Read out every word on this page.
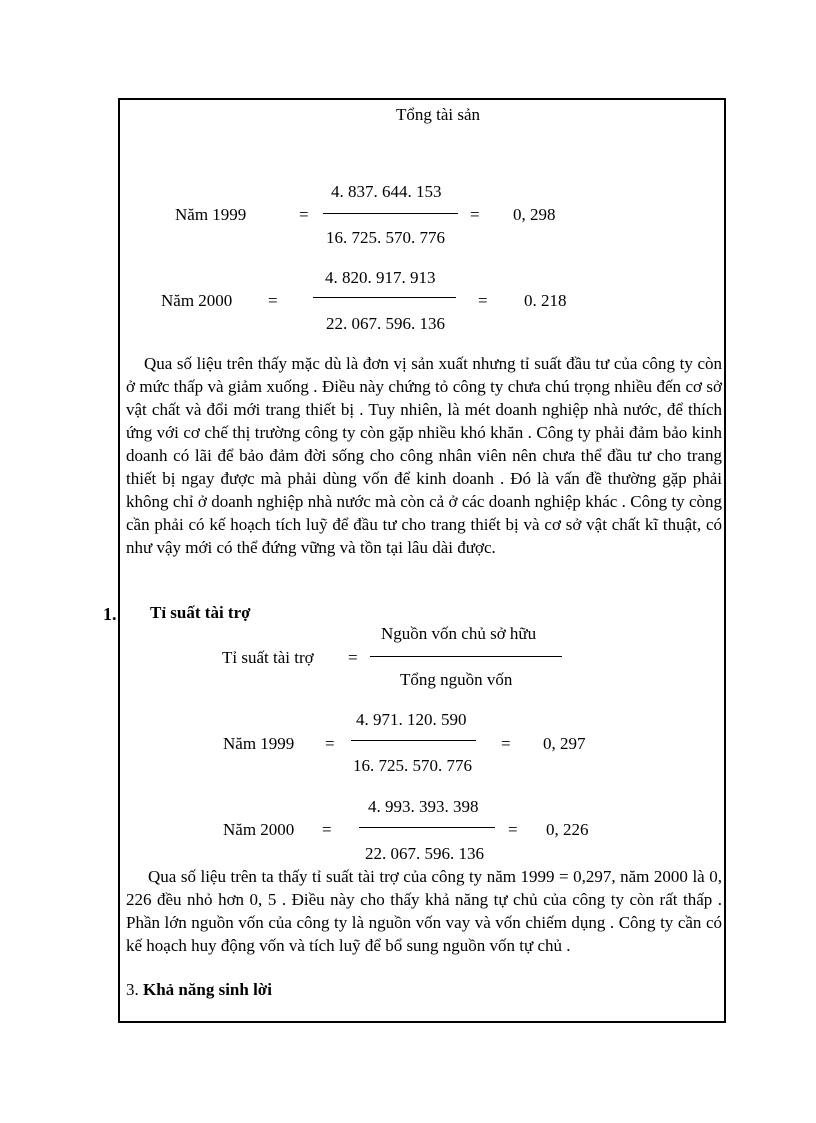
Tổng tài sản
Năm 1999	=
4. 837. 644. 153
16. 725. 570. 776
= 0, 298
Năm 2000 =
4. 820. 917. 913
22. 067. 596. 136
= 0. 218

Qua số liệu trên thấy mặc dù là đơn vị sản xuất nhưng tỉ suất đầu tư của công ty còn ở mức thấp và giảm xuống . Điều này chứng tỏ công ty chưa chú trọng nhiều đến cơ sở vật chất và đổi mới trang thiết bị . Tuy nhiên, là mét doanh nghiệp nhà nước, để thích ứng với cơ chế thị trường công ty còn gặp nhiều khó khăn . Công ty phải đảm bảo kinh doanh có lãi để bảo đảm đời sống cho công nhân viên nên chưa thể đầu tư cho trang thiết bị ngay được mà phải dùng vốn để kinh doanh . Đó là vấn đề thường gặp phải không chỉ ở doanh nghiệp nhà nước mà còn cả ở các doanh nghiệp khác . Công ty còng cần phải có kế hoạch tích luỹ để đầu tư cho trang thiết bị và cơ sở vật chất kĩ thuật, có như vậy mới có thể đứng vững và tồn tại lâu dài được.

1. Tỉ suất tài trợ
Tỉ suất tài trợ =
Nguồn vốn chủ sở hữu
Tổng nguồn vốn
Năm 1999 =
4. 971. 120. 590
16. 725. 570. 776
= 0, 297
Năm 2000 =
4. 993. 393. 398
22. 067. 596. 136
= 0, 226

Qua số liệu trên ta thấy tỉ suất tài trợ của công ty năm 1999 = 0,297, năm 2000 là 0, 226 đều nhỏ hơn 0, 5 . Điều này cho thấy khả năng tự chủ của công ty còn rất thấp . Phần lớn nguồn vốn của công ty là nguồn vốn vay và vốn chiếm dụng . Công ty cần có kế hoạch huy động vốn và tích luỹ để bổ sung nguồn vốn tự chủ .

3. Khả năng sinh lời
